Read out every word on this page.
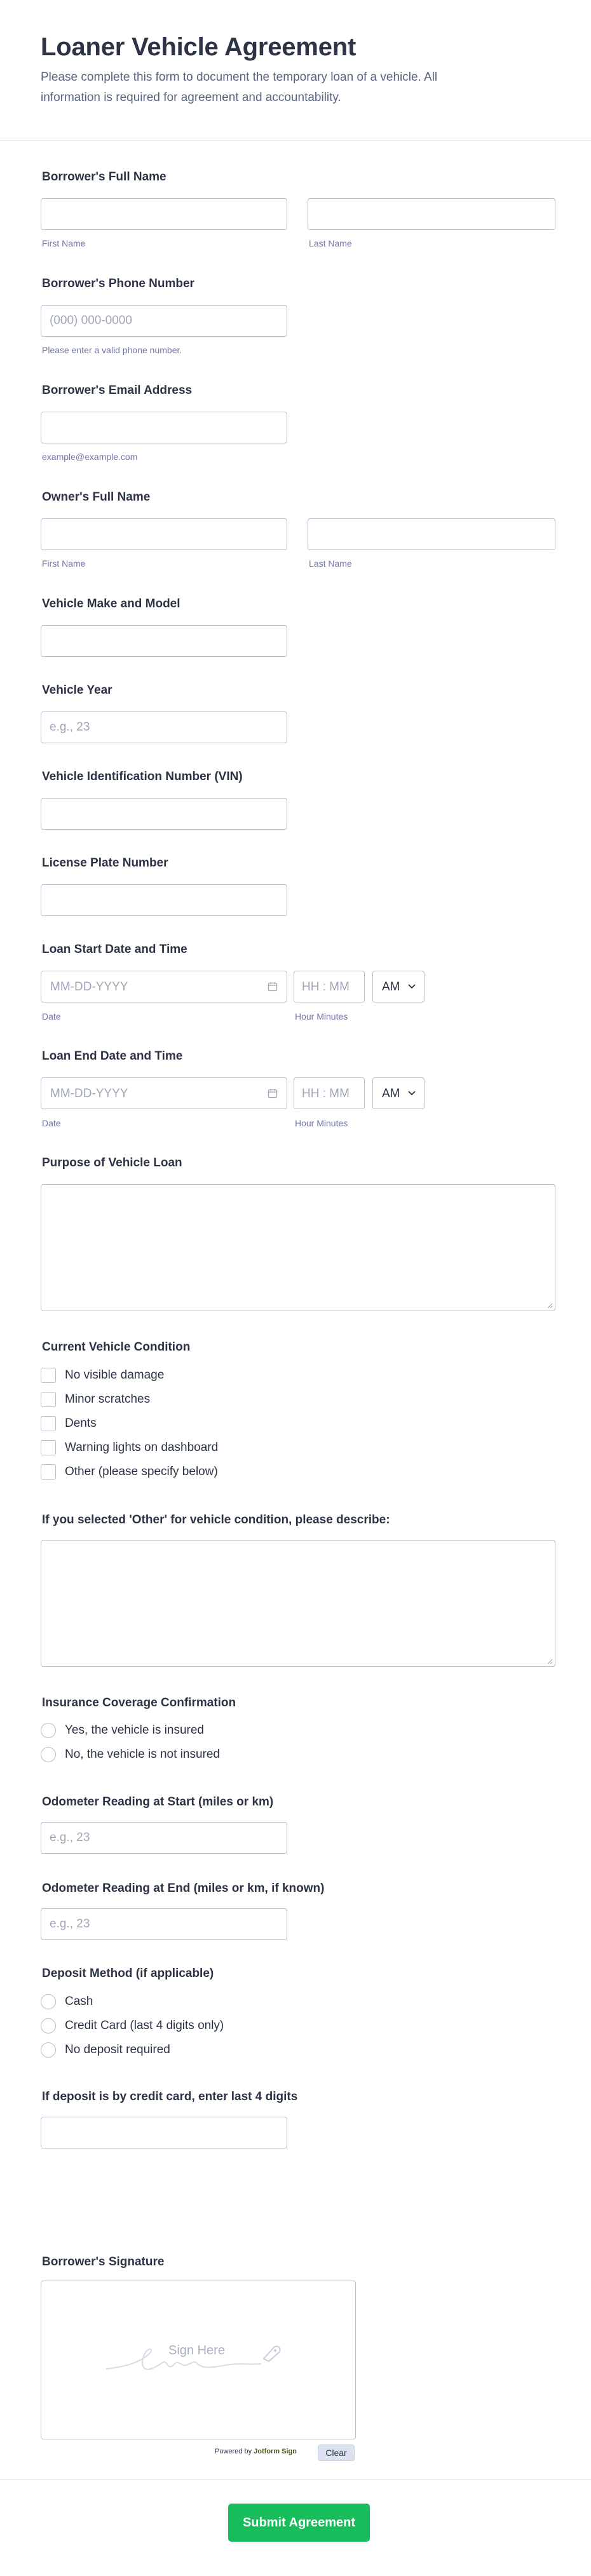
Loaner Vehicle Agreement
Please complete this form to document the temporary loan of a vehicle. All information is required for agreement and accountability.
Borrower's Full Name
First Name	Last Name
Borrower's Phone Number
(000) 000-0000
Please enter a valid phone number.
Borrower's Email Address
example@example.com
Owner's Full Name
First Name	Last Name
Vehicle Make and Model
Vehicle Year
e.g., 23
Vehicle Identification Number (VIN)
License Plate Number
Loan Start Date and Time
MM-DD-YYYY	HH : MM	AM
Date	Hour Minutes
Loan End Date and Time
MM-DD-YYYY	HH : MM	AM
Date	Hour Minutes
Purpose of Vehicle Loan
Current Vehicle Condition
No visible damage
Minor scratches
Dents
Warning lights on dashboard
Other (please specify below)
If you selected 'Other' for vehicle condition, please describe:
Insurance Coverage Confirmation
Yes, the vehicle is insured
No, the vehicle is not insured
Odometer Reading at Start (miles or km)
e.g., 23
Odometer Reading at End (miles or km, if known)
e.g., 23
Deposit Method (if applicable)
Cash
Credit Card (last 4 digits only)
No deposit required
If deposit is by credit card, enter last 4 digits
Borrower's Signature
Sign Here
Powered by Jotform Sign	Clear
Submit Agreement
